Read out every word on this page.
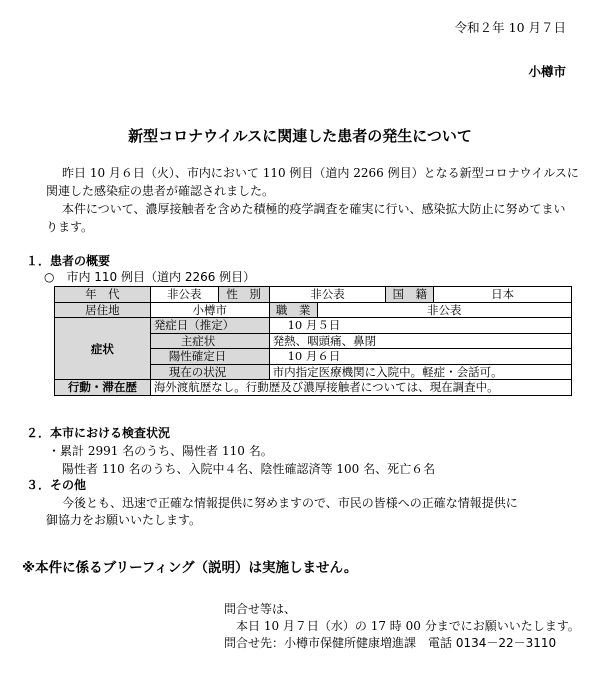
令和２年 10 月７日
小樽市
新型コロナウイルスに関連した患者の発生について
昨日 10 月６日（火）、市内において 110 例目（道内 2266 例目）となる新型コロナウイルスに
関連した感染症の患者が確認されました。
本件について、濃厚接触者を含めた積極的疫学調査を確実に行い、感染拡大防止に努めてまい
ります。
１．患者の概要
○　市内 110 例目（道内 2266 例目）
年　代	非公表	性　別	非公表		国　籍	日本
居住地	小樽市		職　業	非公表		
症状	発症日（推定）		10 月５日			
	主症状		発熱、咽頭痛、鼻閉			
	陽性確定日		10 月６日			
	現在の状況		市内指定医療機関に入院中。軽症・会話可。			
行動・滞在歴	海外渡航歴なし。行動歴及び濃厚接触者については、現在調査中。					
２．本市における検査状況
・累計 2991 名のうち、陽性者 110 名。
陽性者 110 名のうち、入院中４名、陰性確認済等 100 名、死亡６名
３．その他
今後とも、迅速で正確な情報提供に努めますので、市民の皆様への正確な情報提供に
御協力をお願いいたします。
※本件に係るブリーフィング（説明）は実施しません。
問合せ等は、
本日 10 月７日（水）の 17 時 00 分までにお願いいたします。
問合せ先：小樽市保健所健康増進課　電話 0134－22－3110
